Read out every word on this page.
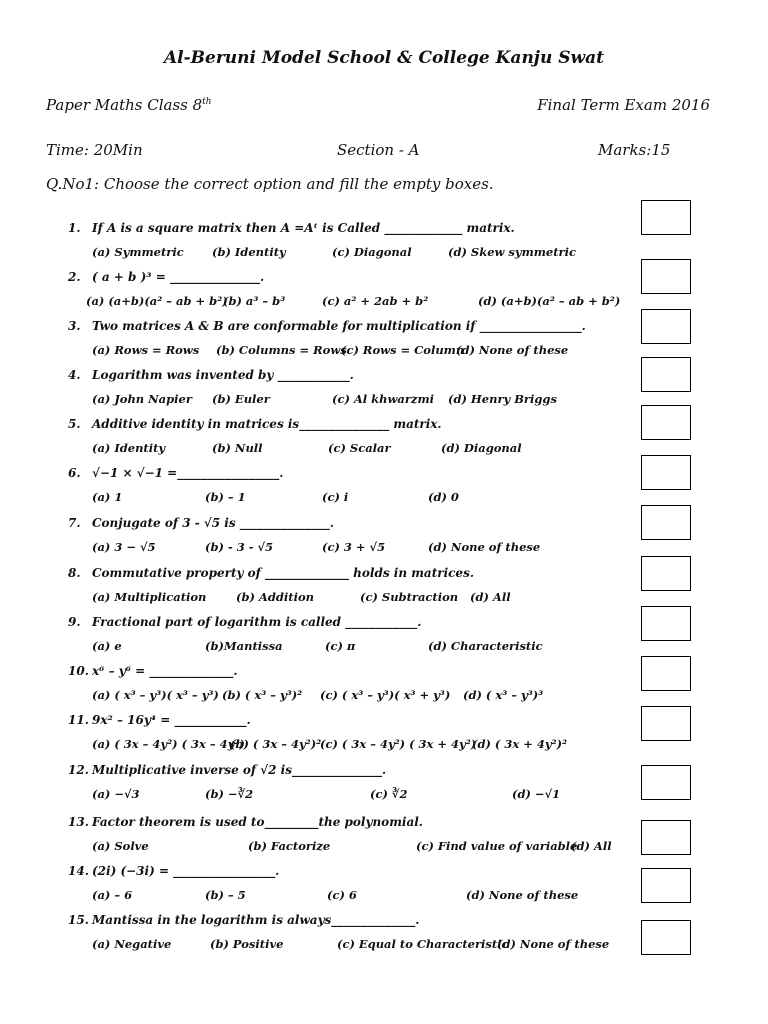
Al-Beruni Model School & College Kanju Swat
Paper Maths Class 8th	Final Term Exam 2016
Time: 20Min	Section - A	Marks:15
Q.No1: Choose the correct option and fill the empty boxes.
1. If A is a square matrix then A =Aᵗ is Called _____________ matrix.
(a) Symmetric (b) Identity	(c) Diagonal	(d) Skew symmetric
2. ( a + b )³ = _______________.
(a) (a+b)(a² – ab + b²)
(b) a³ – b³	(c) a² + 2ab + b²	(d) (a+b)(a² – ab + b²)
3. Two matrices A & B are conformable for multiplication if _________________.
(a) Rows = Rows (b) Columns = Rows
(c) Rows = Column
(d) None of these
4. Logarithm was invented by ____________.
(a) John Napier (b) Euler	(c) Al khwarzmi (d) Henry Briggs
5. Additive identity in matrices is_______________ matrix.
(a) Identity	(b) Null	(c) Scalar	(d) Diagonal
6. √−1 × √−1 =_________________.
(a) 1	(b) – 1	(c) i	(d) 0
7. Conjugate of 3 - √5 is _______________.
(a) 3 − √5	(b) - 3 - √5	(c) 3 + √5	(d) None of these
8. Commutative property of ______________ holds in matrices.
(a) Multiplication	(b) Addition	(c) Subtraction (d) All
9. Fractional part of logarithm is called ____________.
(a) e	(b)Mantissa	(c) π	(d) Characteristic
10. x⁶ – y⁶ = ______________.
(a) ( x³ – y³)( x³ – y³) (b) ( x³ – y³)² (c) ( x³ – y³)( x³ + y³) (d) ( x³ – y³)³
11. 9x² – 16y⁴ = ____________.
(a) ( 3x – 4y²) ( 3x – 4y²)
(b) ( 3x – 4y²)²
(c) ( 3x – 4y²) ( 3x + 4y²)
(d) ( 3x + 4y²)²
12. Multiplicative inverse of √2 is_______________.
(a) −√3	(b) −∛2	(c) ∛2	(d) −√1
13. Factor theorem is used to_________the polynomial.
(a) Solve	(b) Factorize	(c) Find value of variable
(d) All
14. (2i) (−3i) = _________________.
(a) – 6	(b) – 5	(c) 6	(d) None of these
15. Mantissa in the logarithm is always______________.
(a) Negative	(b) Positive	(c) Equal to Characteristic
(d) None of these
